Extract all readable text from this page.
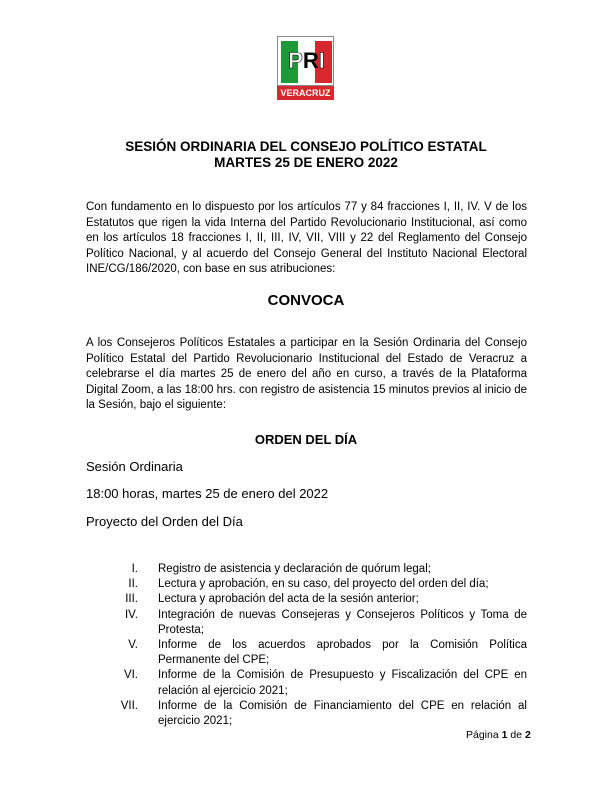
PRI
VERACRUZ
SESIÓN ORDINARIA DEL CONSEJO POLÍTICO ESTATAL
MARTES 25 DE ENERO 2022
Con fundamento en lo dispuesto por los artículos 77 y 84 fracciones I, II, IV. V de los Estatutos que rigen la vida Interna del Partido Revolucionario Institucional, así como en los artículos 18 fracciones I, II, III, IV, VII, VIII y 22 del Reglamento del Consejo Político Nacional, y al acuerdo del Consejo General del Instituto Nacional Electoral INE/CG/186/2020, con base en sus atribuciones:
CONVOCA
A los Consejeros Políticos Estatales a participar en la Sesión Ordinaria del Consejo Político Estatal del Partido Revolucionario Institucional del Estado de Veracruz a celebrarse el día martes 25 de enero del año en curso, a través de la Plataforma Digital Zoom, a las 18:00 hrs. con registro de asistencia 15 minutos previos al inicio de la Sesión, bajo el siguiente:
ORDEN DEL DÍA
Sesión Ordinaria
18:00 horas, martes 25 de enero del 2022
Proyecto del Orden del Día
I.	Registro de asistencia y declaración de quórum legal;
II.	Lectura y aprobación, en su caso, del proyecto del orden del día;
III.	Lectura y aprobación del acta de la sesión anterior;
IV.	Integración de nuevas Consejeras y Consejeros Políticos y Toma de Protesta;
V.	Informe de los acuerdos aprobados por la Comisión Política Permanente del CPE;
VI.	Informe de la Comisión de Presupuesto y Fiscalización del CPE en relación al ejercicio 2021;
VII.	Informe de la Comisión de Financiamiento del CPE en relación al ejercicio 2021;
Página 1 de 2
